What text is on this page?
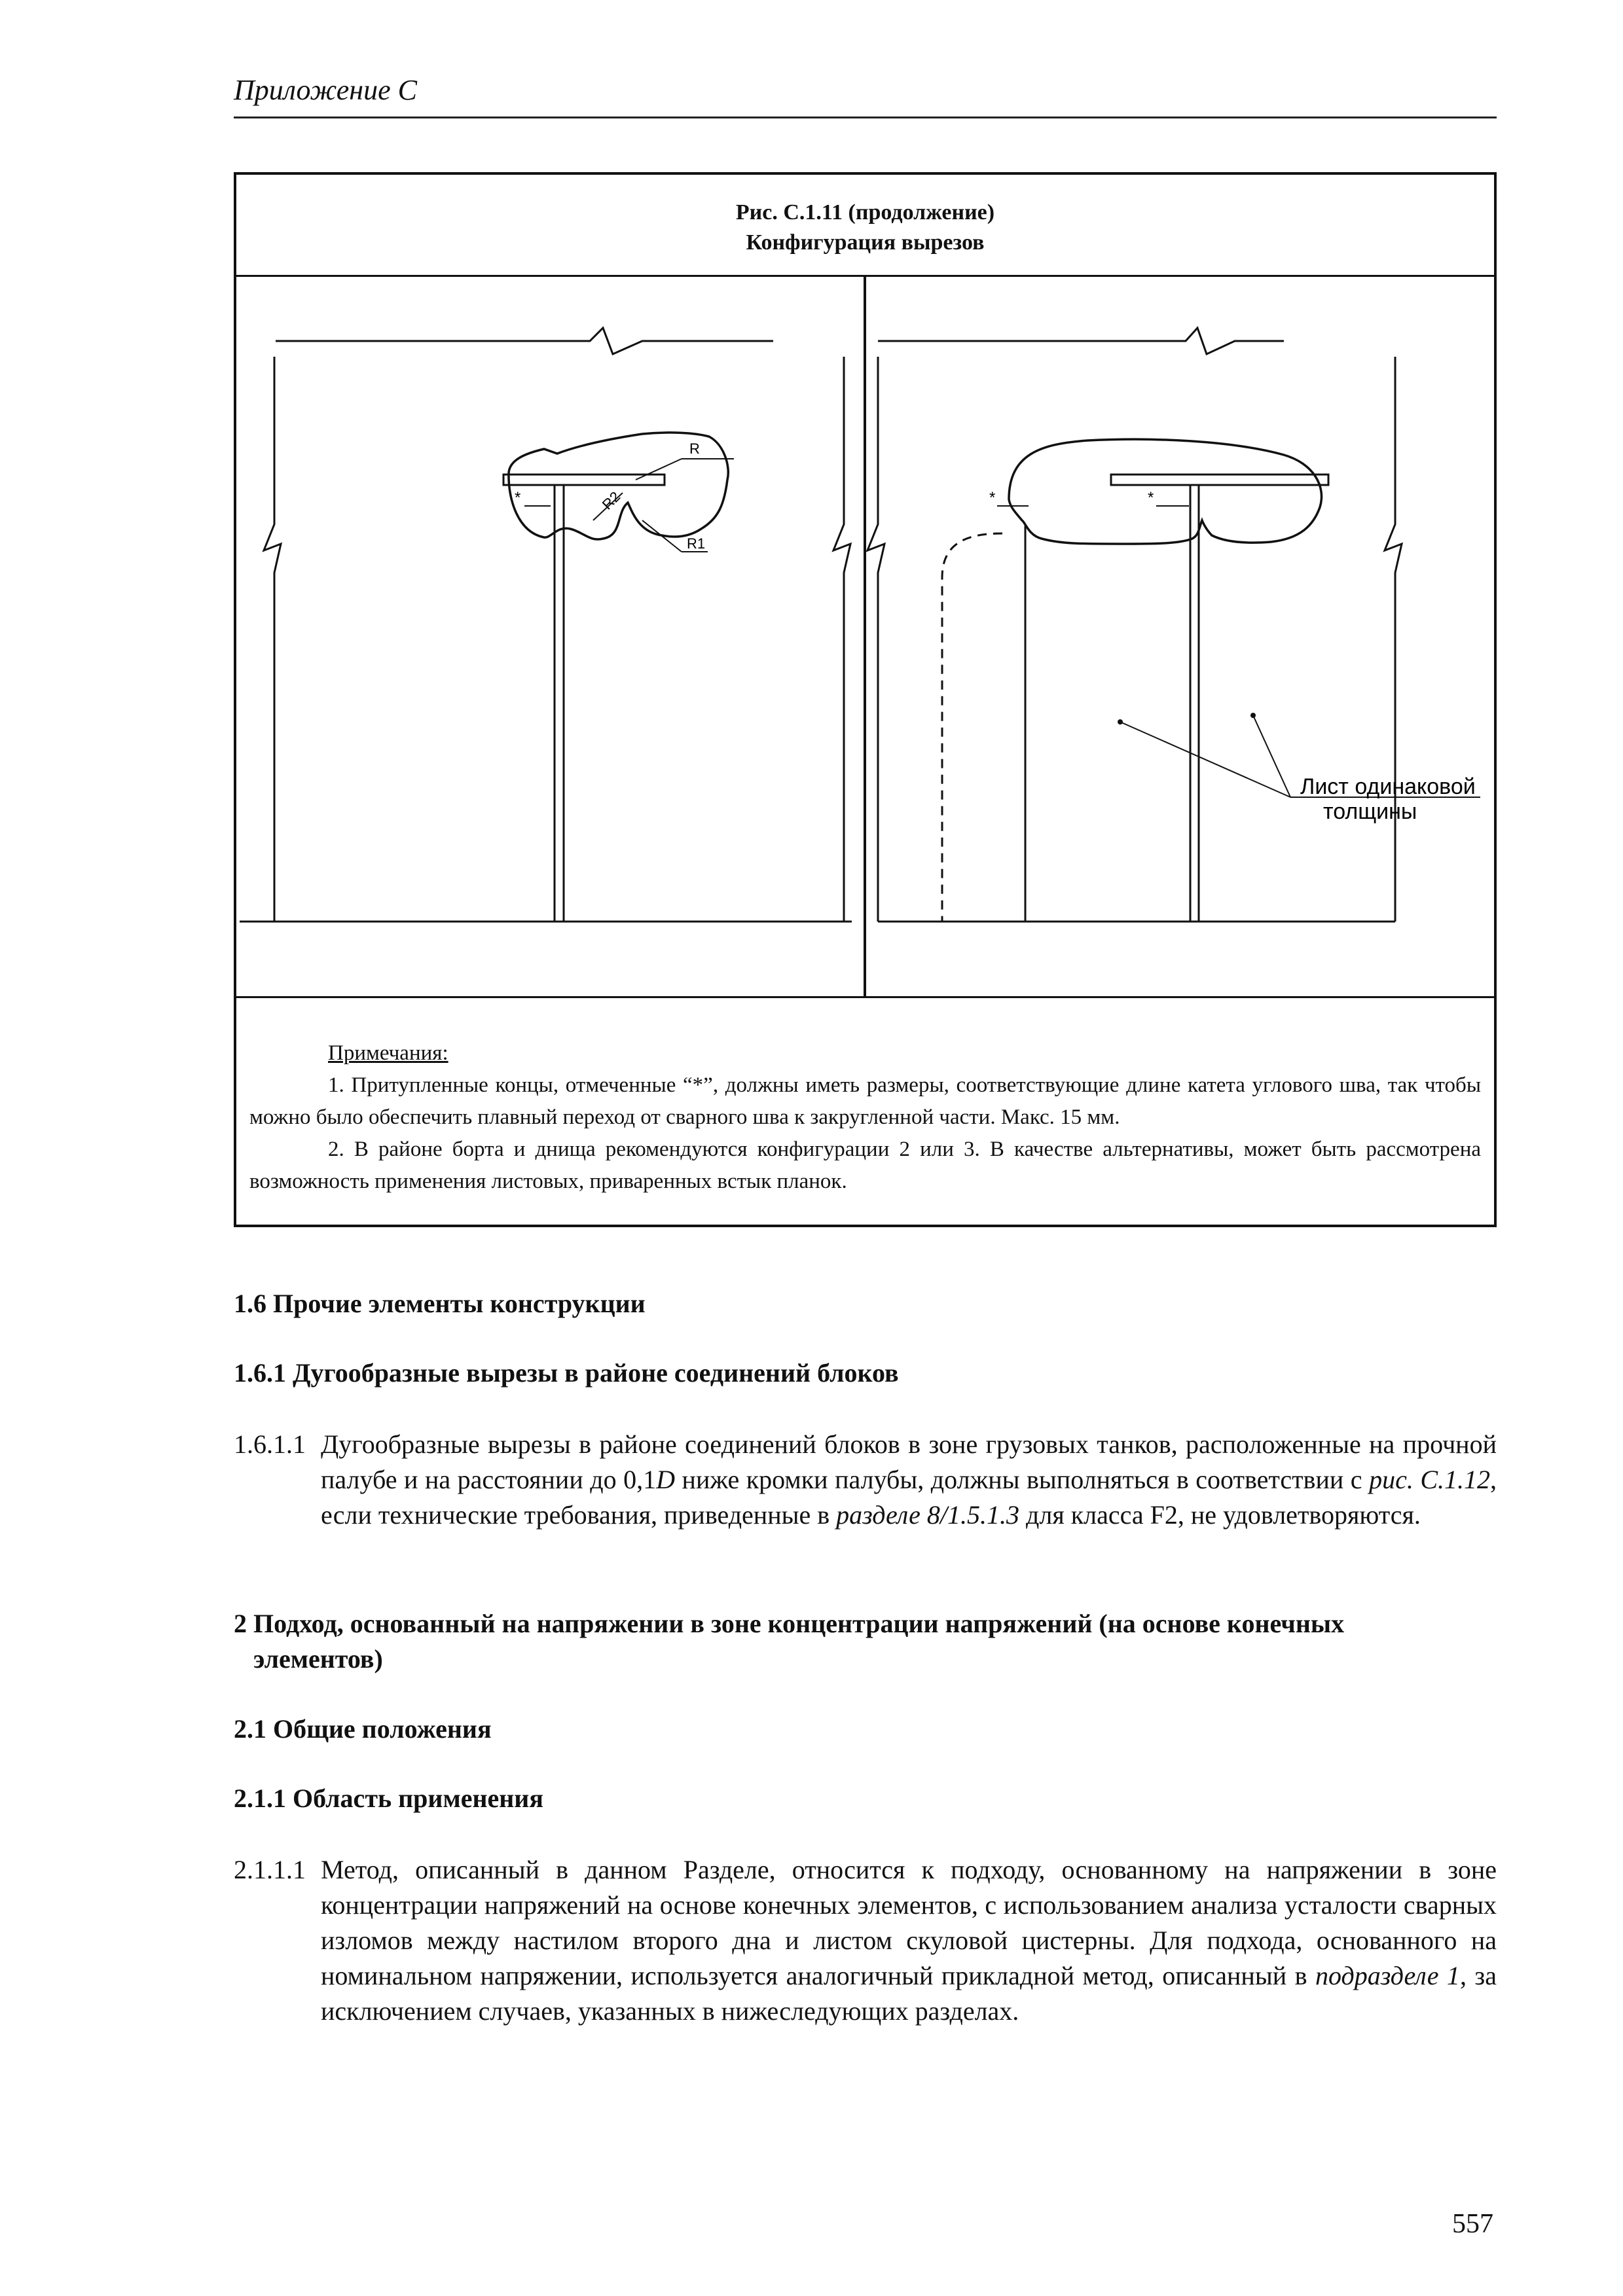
Приложение С
Рис. С.1.11 (продолжение)
Конфигурация вырезов
R
R1
R2
*	*	*
Лист одинаковой
толщины
Примечания:

1. Притупленные концы, отмеченные “*”, должны иметь размеры, соответствующие длине катета углового шва, так чтобы можно было обеспечить плавный переход от сварного шва к закругленной части. Макс. 15 мм.

2. В районе борта и днища рекомендуются конфигурации 2 или 3. В качестве альтернативы, может быть рассмотрена возможность применения листовых, приваренных встык планок.

1.6 Прочие элементы конструкции
1.6.1 Дугообразные вырезы в районе соединений блоков
1.6.1.1 Дугообразные вырезы в районе соединений блоков в зоне грузовых танков, расположенные на прочной палубе и на расстоянии до 0,1D ниже кромки палубы, должны выполняться в соответствии с рис. С.1.12, если технические требования, приведенные в разделе 8/1.5.1.3 для класса F2, не удовлетворяются.
2 Подход, основанный на напряжении в зоне концентрации напряжений (на основе конечных
элементов)
2.1 Общие положения
2.1.1 Область применения
2.1.1.1 Метод, описанный в данном Разделе, относится к подходу, основанному на напряжении в зоне концентрации напряжений на основе конечных элементов, с использованием анализа усталости сварных изломов между настилом второго дна и листом скуловой цистерны. Для подхода, основанного на номинальном напряжении, используется аналогичный прикладной метод, описанный в подразделе 1, за исключением случаев, указанных в нижеследующих разделах.
557
